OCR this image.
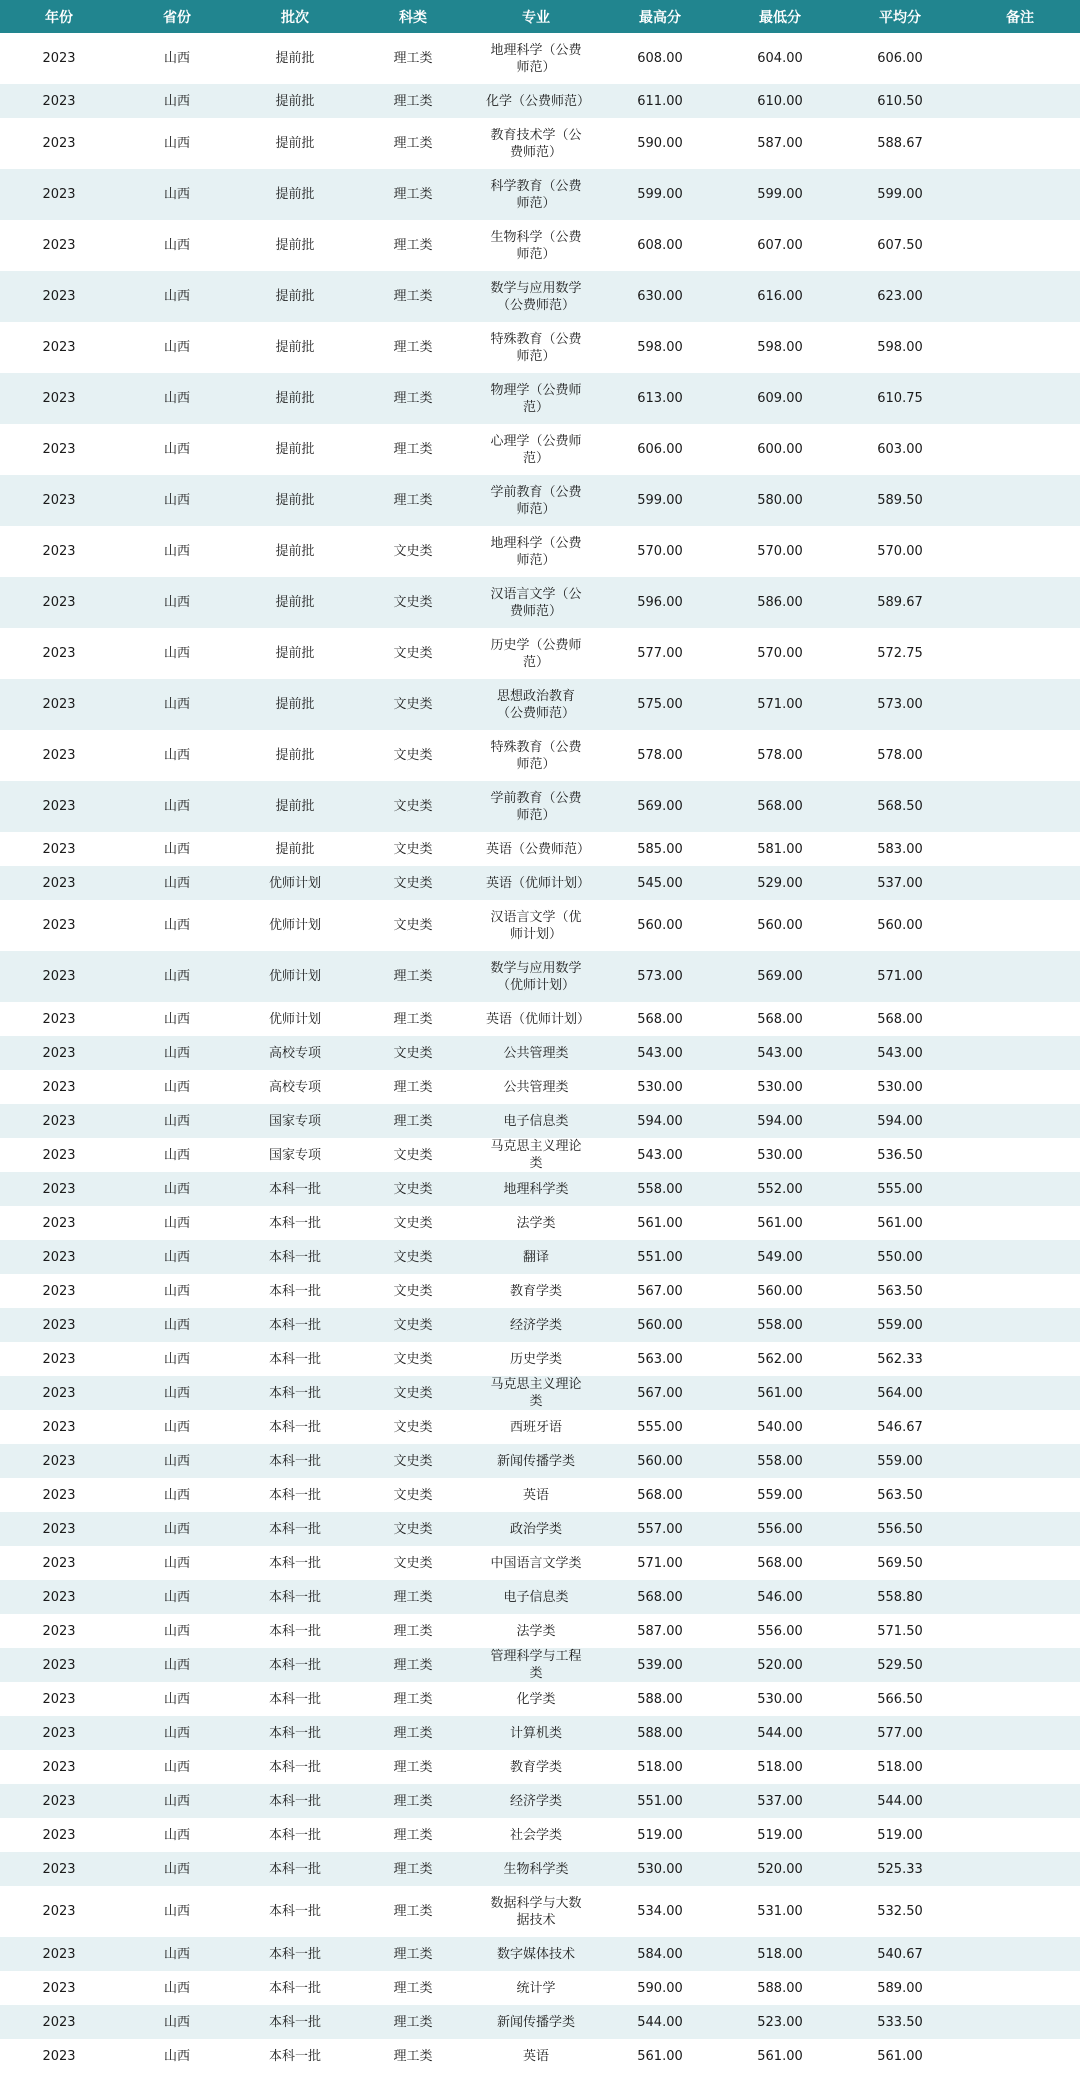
年份	省份	批次	科类	专业	最高分	最低分	平均分	备注
2023	山西	提前批	理工类	地理科学（公费师范）	608.00	604.00	606.00	
2023	山西	提前批	理工类	化学（公费师范）	611.00	610.00	610.50	
2023	山西	提前批	理工类	教育技术学（公费师范）	590.00	587.00	588.67	
2023	山西	提前批	理工类	科学教育（公费师范）	599.00	599.00	599.00	
2023	山西	提前批	理工类	生物科学（公费师范）	608.00	607.00	607.50	
2023	山西	提前批	理工类	数学与应用数学（公费师范）	630.00	616.00	623.00	
2023	山西	提前批	理工类	特殊教育（公费师范）	598.00	598.00	598.00	
2023	山西	提前批	理工类	物理学（公费师范）	613.00	609.00	610.75	
2023	山西	提前批	理工类	心理学（公费师范）	606.00	600.00	603.00	
2023	山西	提前批	理工类	学前教育（公费师范）	599.00	580.00	589.50	
2023	山西	提前批	文史类	地理科学（公费师范）	570.00	570.00	570.00	
2023	山西	提前批	文史类	汉语言文学（公费师范）	596.00	586.00	589.67	
2023	山西	提前批	文史类	历史学（公费师范）	577.00	570.00	572.75	
2023	山西	提前批	文史类	思想政治教育（公费师范）	575.00	571.00	573.00	
2023	山西	提前批	文史类	特殊教育（公费师范）	578.00	578.00	578.00	
2023	山西	提前批	文史类	学前教育（公费师范）	569.00	568.00	568.50	
2023	山西	提前批	文史类	英语（公费师范）	585.00	581.00	583.00	
2023	山西	优师计划	文史类	英语（优师计划）	545.00	529.00	537.00	
2023	山西	优师计划	文史类	汉语言文学（优师计划）	560.00	560.00	560.00	
2023	山西	优师计划	理工类	数学与应用数学（优师计划）	573.00	569.00	571.00	
2023	山西	优师计划	理工类	英语（优师计划）	568.00	568.00	568.00	
2023	山西	高校专项	文史类	公共管理类	543.00	543.00	543.00	
2023	山西	高校专项	理工类	公共管理类	530.00	530.00	530.00	
2023	山西	国家专项	理工类	电子信息类	594.00	594.00	594.00	
2023	山西	国家专项	文史类	马克思主义理论类	543.00	530.00	536.50	
2023	山西	本科一批	文史类	地理科学类	558.00	552.00	555.00	
2023	山西	本科一批	文史类	法学类	561.00	561.00	561.00	
2023	山西	本科一批	文史类	翻译	551.00	549.00	550.00	
2023	山西	本科一批	文史类	教育学类	567.00	560.00	563.50	
2023	山西	本科一批	文史类	经济学类	560.00	558.00	559.00	
2023	山西	本科一批	文史类	历史学类	563.00	562.00	562.33	
2023	山西	本科一批	文史类	马克思主义理论类	567.00	561.00	564.00	
2023	山西	本科一批	文史类	西班牙语	555.00	540.00	546.67	
2023	山西	本科一批	文史类	新闻传播学类	560.00	558.00	559.00	
2023	山西	本科一批	文史类	英语	568.00	559.00	563.50	
2023	山西	本科一批	文史类	政治学类	557.00	556.00	556.50	
2023	山西	本科一批	文史类	中国语言文学类	571.00	568.00	569.50	
2023	山西	本科一批	理工类	电子信息类	568.00	546.00	558.80	
2023	山西	本科一批	理工类	法学类	587.00	556.00	571.50	
2023	山西	本科一批	理工类	管理科学与工程类	539.00	520.00	529.50	
2023	山西	本科一批	理工类	化学类	588.00	530.00	566.50	
2023	山西	本科一批	理工类	计算机类	588.00	544.00	577.00	
2023	山西	本科一批	理工类	教育学类	518.00	518.00	518.00	
2023	山西	本科一批	理工类	经济学类	551.00	537.00	544.00	
2023	山西	本科一批	理工类	社会学类	519.00	519.00	519.00	
2023	山西	本科一批	理工类	生物科学类	530.00	520.00	525.33	
2023	山西	本科一批	理工类	数据科学与大数据技术	534.00	531.00	532.50	
2023	山西	本科一批	理工类	数字媒体技术	584.00	518.00	540.67	
2023	山西	本科一批	理工类	统计学	590.00	588.00	589.00	
2023	山西	本科一批	理工类	新闻传播学类	544.00	523.00	533.50	
2023	山西	本科一批	理工类	英语	561.00	561.00	561.00	
